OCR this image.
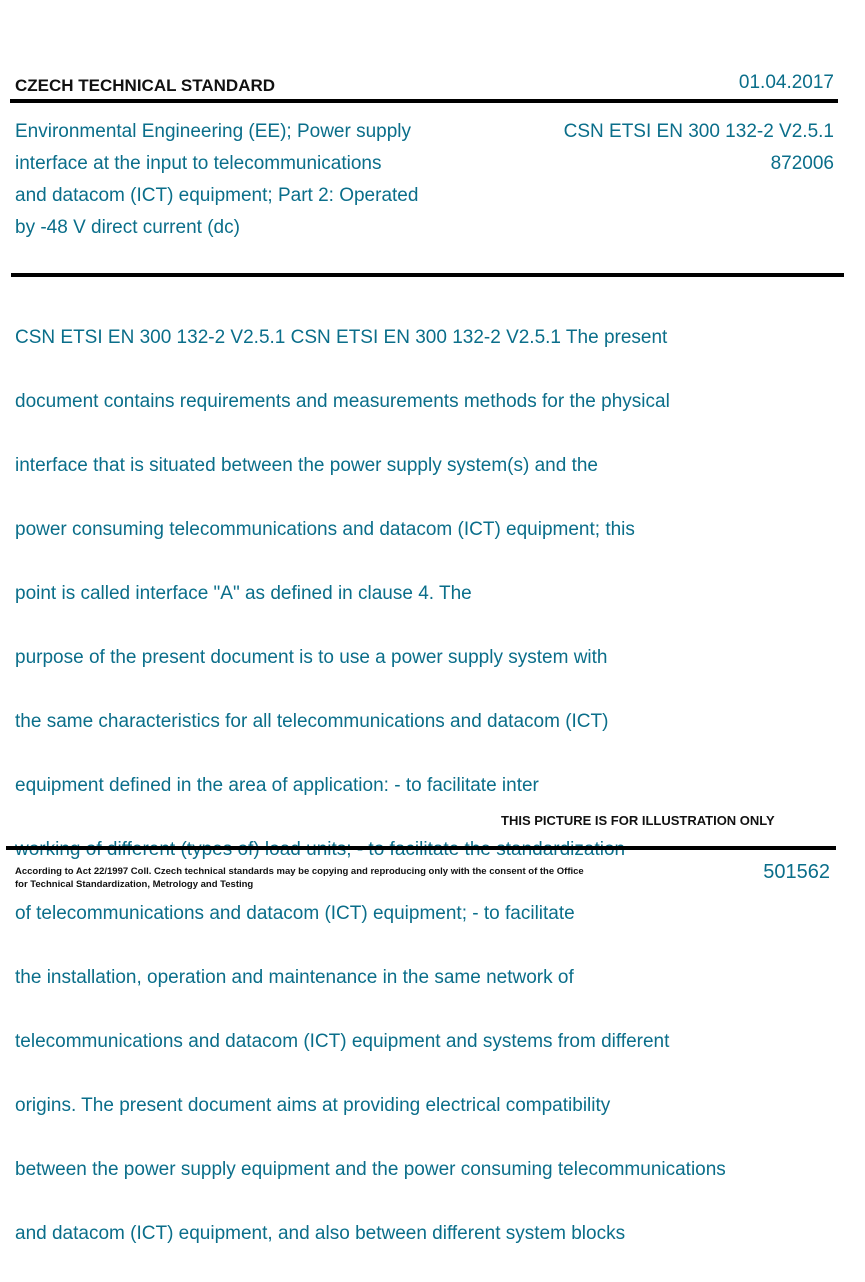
CZECH TECHNICAL STANDARD	01.04.2017
Environmental Engineering (EE); Power supply
interface at the input to telecommunications
and datacom (ICT) equipment; Part 2: Operated
by -48 V direct current (dc)
CSN ETSI EN 300 132-2 V2.5.1
872006

CSN ETSI EN 300 132-2 V2.5.1 CSN ETSI EN 300 132-2 V2.5.1 The present

document contains requirements and measurements methods for the physical

interface that is situated between the power supply system(s) and the

power consuming telecommunications and datacom (ICT) equipment; this

point is called interface "A" as defined in clause 4. The

purpose of the present document is to use a power supply system with

the same characteristics for all telecommunications and datacom (ICT)

equipment defined in the area of application: - to facilitate inter

of telecommunications and datacom (ICT) equipment; - to facilitate

the installation, operation and maintenance in the same network of

telecommunications and datacom (ICT) equipment and systems from different

origins. The present document aims at providing electrical compatibility

between the power supply equipment and the power consuming telecommunications

and datacom (ICT) equipment, and also between different system blocks

THIS PICTURE IS FOR ILLUSTRATION ONLY
According to Act 22/1997 Coll. Czech technical standards may be copying and reproducing only with the consent of the Office
for Technical Standardization, Metrology and Testing
501562
